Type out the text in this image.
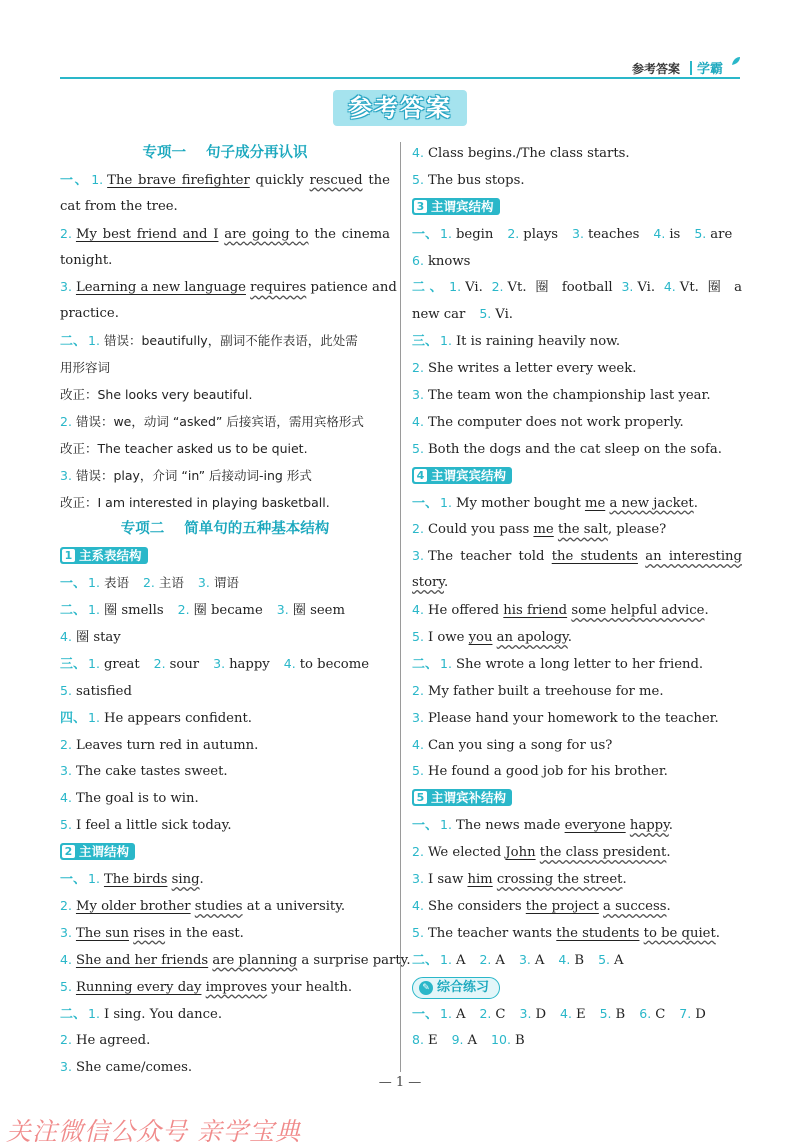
参考答案 学霸
参考答案
专项一 句子成分再认识
一、 1. The brave firefighter quickly rescued the
cat from the tree.
2. My best friend and I are going to the cinema
tonight.
3. Learning a new language requires patience and
practice.
二、 1. 错误：beautifully，副词不能作表语，此处需
用形容词
改正：She looks very beautiful.
2. 错误：we，动词 “asked” 后接宾语，需用宾格形式
改正：The teacher asked us to be quiet.
3. 错误：play，介词 “in” 后接动词-ing 形式
改正：I am interested in playing basketball.
专项二 简单句的五种基本结构
1 主系表结构
一、 1. 表语 2. 主语 3. 谓语
二、 1. 圈 smells 2. 圈 became 3. 圈 seem
4. 圈 stay
三、 1. great 2. sour 3. happy 4. to become
5. satisfied
四、 1. He appears confident.
2. Leaves turn red in autumn.
3. The cake tastes sweet.
4. The goal is to win.
5. I feel a little sick today.
2 主谓结构
一、 1. The birds sing.
2. My older brother studies at a university.
3. The sun rises in the east.
4. She and her friends are planning a surprise party.
5. Running every day improves your health.
二、 1. I sing. You dance.
2. He agreed.
3. She came/comes.
4. Class begins./The class starts.
5. The bus stops.
3 主谓宾结构
一、 1. begin 2. plays 3. teaches 4. is 5. are
6. knows
二、 1. Vi. 2. Vt. 圈 football 3. Vi. 4. Vt. 圈 a
new car 5. Vi.
三、 1. It is raining heavily now.
2. She writes a letter every week.
3. The team won the championship last year.
4. The computer does not work properly.
5. Both the dogs and the cat sleep on the sofa.
4 主谓宾宾结构
一、 1. My mother bought me a new jacket.
2. Could you pass me the salt, please?
3. The teacher told the students an interesting
story.
4. He offered his friend some helpful advice.
5. I owe you an apology.
二、 1. She wrote a long letter to her friend.
2. My father built a treehouse for me.
3. Please hand your homework to the teacher.
4. Can you sing a song for us?
5. He found a good job for his brother.
5 主谓宾补结构
一、 1. The news made everyone happy.
2. We elected John the class president.
3. I saw him crossing the street.
4. She considers the project a success.
5. The teacher wants the students to be quiet.
二、 1. A 2. A 3. A 4. B 5. A
✎ 综合练习
一、 1. A 2. C 3. D 4. E 5. B 6. C 7. D
8. E 9. A 10. B
— 1 —
关注微信公众号 亲学宝典
